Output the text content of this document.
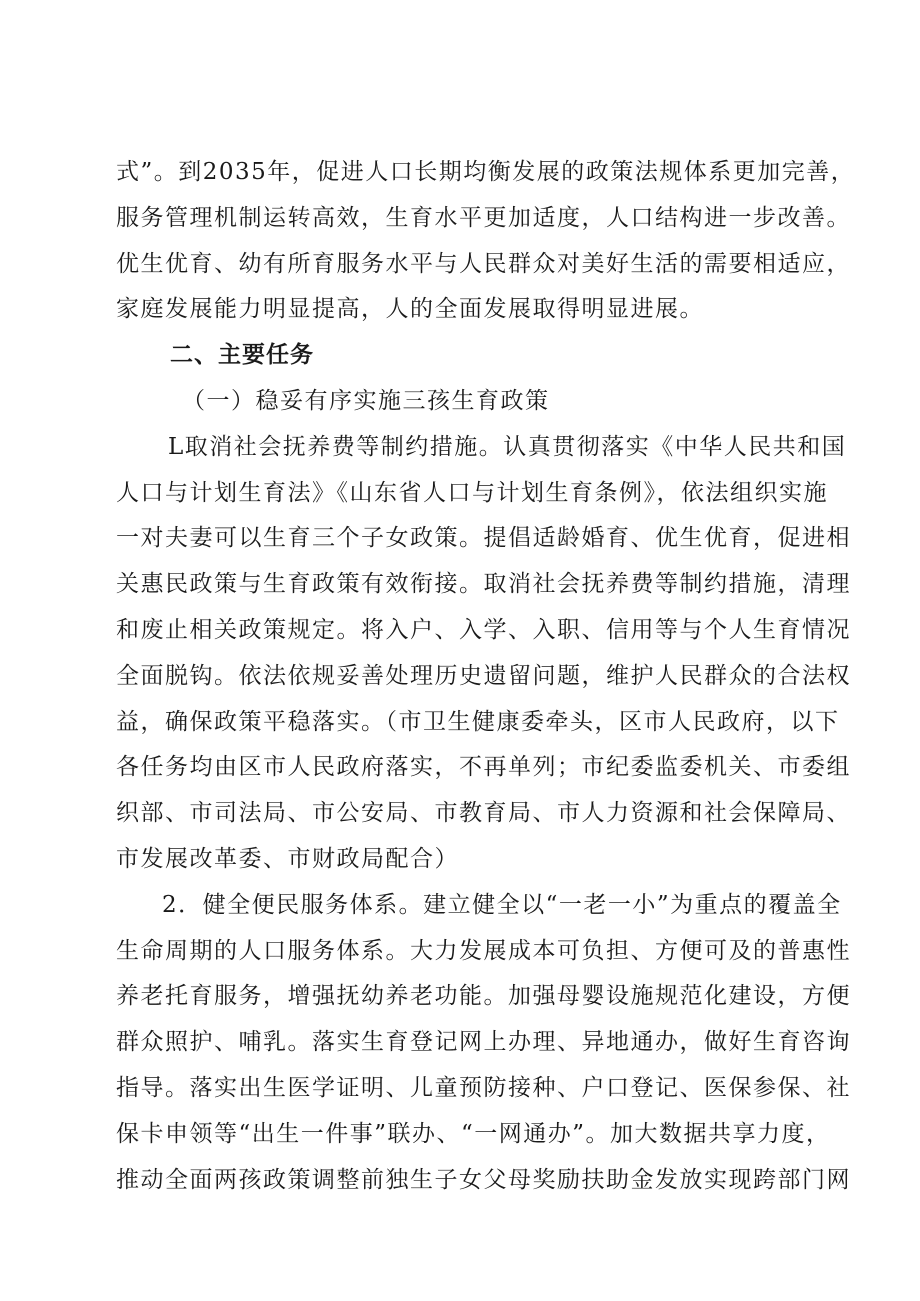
式”。到2035年，促进人口长期均衡发展的政策法规体系更加完善，
服务管理机制运转高效，生育水平更加适度，人口结构进一步改善。
优生优育、幼有所育服务水平与人民群众对美好生活的需要相适应，
家庭发展能力明显提高，人的全面发展取得明显进展。
二、主要任务
（一）稳妥有序实施三孩生育政策
L取消社会抚养费等制约措施。认真贯彻落实《中华人民共和国
人口与计划生育法》《山东省人口与计划生育条例》，依法组织实施
一对夫妻可以生育三个子女政策。提倡适龄婚育、优生优育，促进相
关惠民政策与生育政策有效衔接。取消社会抚养费等制约措施，清理
和废止相关政策规定。将入户、入学、入职、信用等与个人生育情况
全面脱钩。依法依规妥善处理历史遗留问题，维护人民群众的合法权
益，确保政策平稳落实。（市卫生健康委牵头，区市人民政府，以下
各任务均由区市人民政府落实，不再单列；市纪委监委机关、市委组
织部、市司法局、市公安局、市教育局、市人力资源和社会保障局、
市发展改革委、市财政局配合）
2．健全便民服务体系。建立健全以“一老一小”为重点的覆盖全
生命周期的人口服务体系。大力发展成本可负担、方便可及的普惠性
养老托育服务，增强抚幼养老功能。加强母婴设施规范化建设，方便
群众照护、哺乳。落实生育登记网上办理、异地通办，做好生育咨询
指导。落实出生医学证明、儿童预防接种、户口登记、医保参保、社
保卡申领等“出生一件事”联办、“一网通办”。加大数据共享力度，
推动全面两孩政策调整前独生子女父母奖励扶助金发放实现跨部门网
